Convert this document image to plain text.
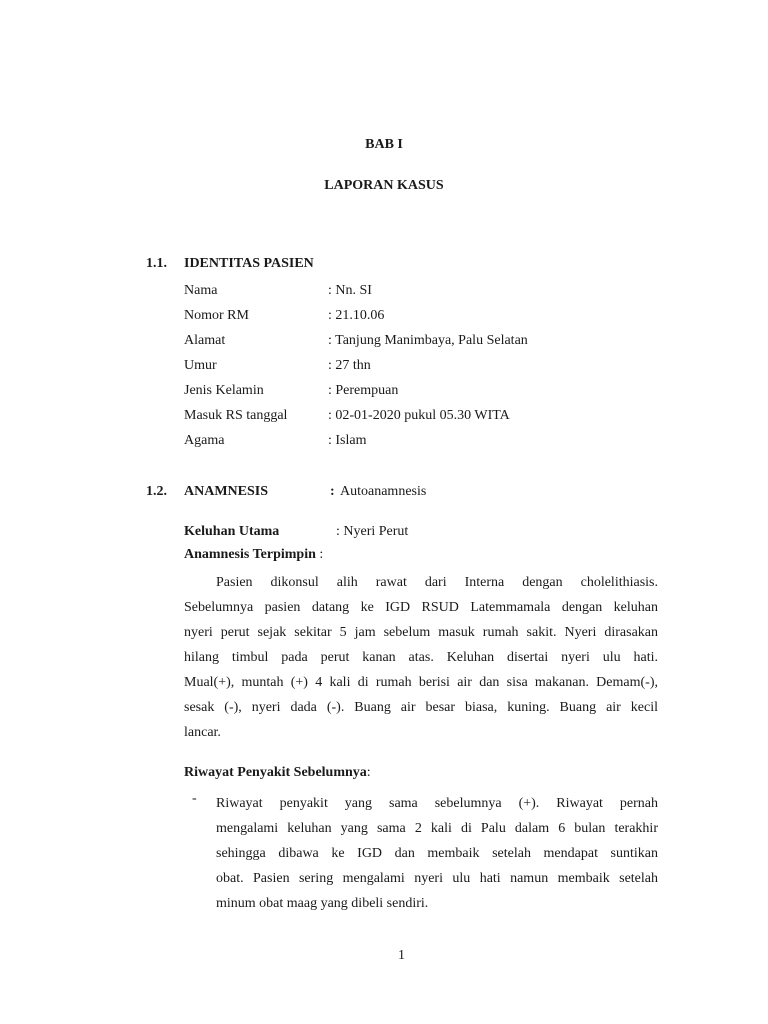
BAB I
LAPORAN KASUS
1.1. IDENTITAS PASIEN
Nama	: Nn. SI
Nomor RM	: 21.10.06
Alamat	: Tanjung Manimbaya, Palu Selatan
Umur	: 27 thn
Jenis Kelamin	: Perempuan
Masuk RS tanggal	: 02-01-2020 pukul 05.30 WITA
Agama	: Islam
1.2. ANAMNESIS	: Autoanamnesis
Keluhan Utama	: Nyeri Perut
Anamnesis Terpimpin :
Pasien dikonsul alih rawat dari Interna dengan cholelithiasis.
Sebelumnya pasien datang ke IGD RSUD Latemmamala dengan keluhan
nyeri perut sejak sekitar 5 jam sebelum masuk rumah sakit. Nyeri dirasakan
hilang timbul pada perut kanan atas. Keluhan disertai nyeri ulu hati.
Mual(+), muntah (+) 4 kali di rumah berisi air dan sisa makanan. Demam(-),
sesak (-), nyeri dada (-). Buang air besar biasa, kuning. Buang air kecil
lancar.
Riwayat Penyakit Sebelumnya:
- Riwayat penyakit yang sama sebelumnya (+). Riwayat pernah
mengalami keluhan yang sama 2 kali di Palu dalam 6 bulan terakhir
sehingga dibawa ke IGD dan membaik setelah mendapat suntikan
obat. Pasien sering mengalami nyeri ulu hati namun membaik setelah
minum obat maag yang dibeli sendiri.
1
